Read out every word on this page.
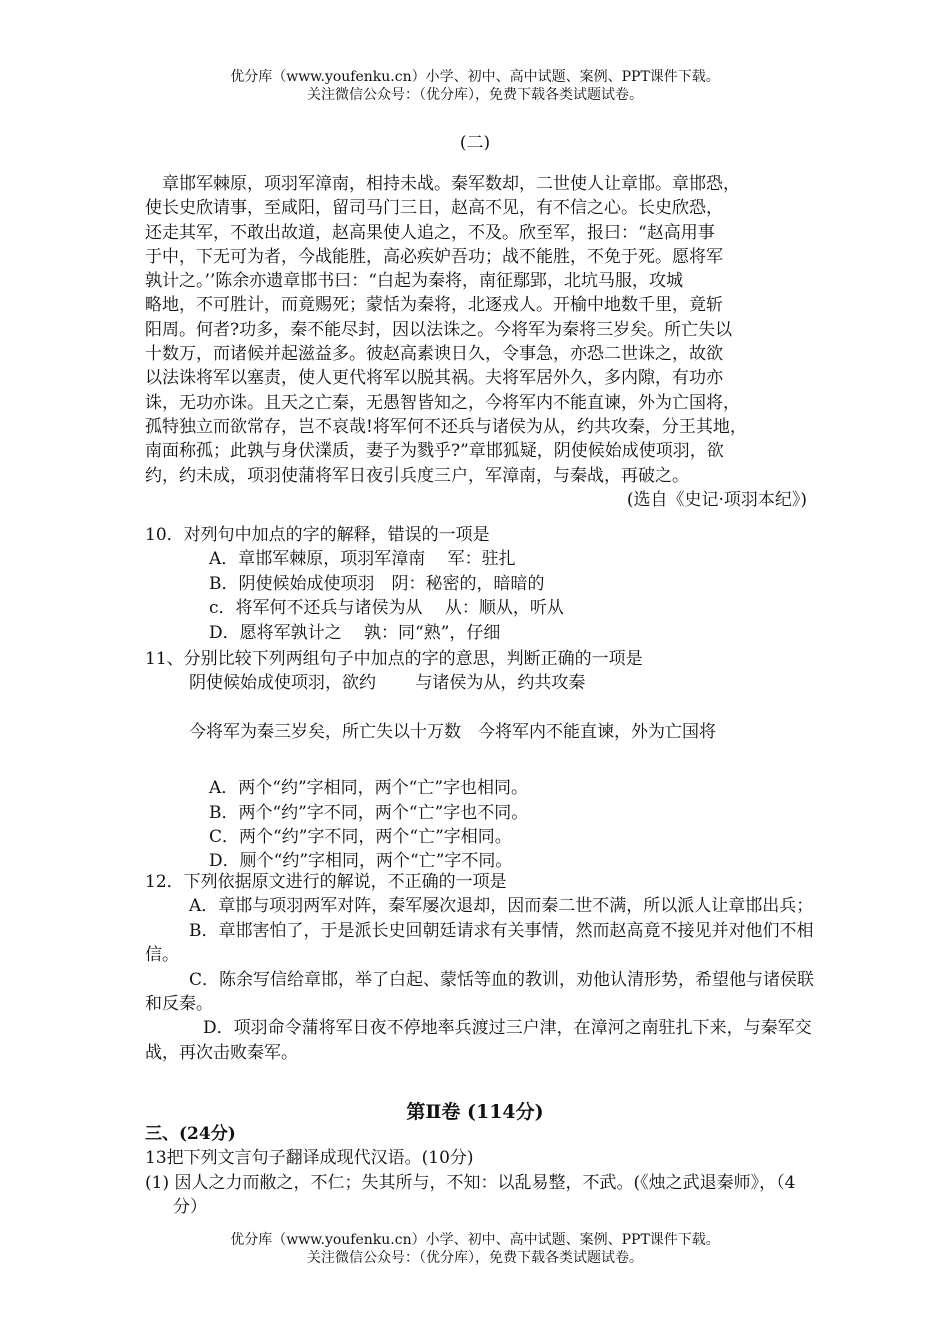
优分库（www.youfenku.cn）小学、初中、高中试题、案例、PPT课件下载。
关注微信公众号：（优分库），免费下载各类试题试卷。
(二)
　章邯军棘原，项羽军漳南，相持未战。秦军数却，二世使人让章邯。章邯恐，
使长史欣请事，至咸阳，留司马门三日，赵高不见，有不信之心。长史欣恐，
还走其军，不敢出故道，赵高果使人追之，不及。欣至军，报曰：“赵高用事
于中，下无可为者，今战能胜，高必疾妒吾功；战不能胜，不免于死。愿将军
孰计之。’’陈余亦遗章邯书曰：“白起为秦将，南征鄢郢，北坑马服，攻城
略地，不可胜计，而竟赐死；蒙恬为秦将，北逐戎人。开榆中地数千里，竟斩
阳周。何者?功多，秦不能尽封，因以法诛之。今将军为秦将三岁矣。所亡失以
十数万，而诸候并起滋益多。彼赵高素谀日久，令事急，亦恐二世诛之，故欲
以法诛将军以塞责，使人更代将军以脱其祸。夫将军居外久，多内隙，有功亦
诛，无功亦诛。且天之亡秦，无愚智皆知之，今将军内不能直谏，外为亡国将，
孤特独立而欲常存，岂不哀哉!将军何不还兵与诸侯为从，约共攻秦，分王其地，
南面称孤；此孰与身伏澲质，妻子为戮乎?”章邯狐疑，阴使候始成使项羽，欲
约，约未成，项羽使蒲将军日夜引兵度三户，军漳南，与秦战，再破之。
(选自《史记·项羽本纪》)
10．对列句中加点的字的解释，错误的一项是
A．章邯军棘原，项羽军漳南　 军：驻扎
B．阴使候始成使项羽　阴：秘密的，暗暗的
c．将军何不还兵与诸侯为从　 从：顺从，听从
D．愿将军孰计之　 孰：同“熟”，仔细
11、分别比较下列两组句子中加点的字的意思，判断正确的一项是
阴使候始成使项羽，欲约　　 与诸侯为从，约共攻秦
今将军为秦三岁矣，所亡失以十万数　今将军内不能直谏，外为亡国将
A．两个“约”字相同，两个“亡”字也相同。
B．两个“约”字不同，两个“亡”字也不同。
C．两个“约”字不同，两个“亡”字相同。
D．厕个“约”字相同，两个“亡”字不同。
12．下列依据原文进行的解说，不正确的一项是
A．章邯与项羽两军对阵，秦军屡次退却，因而秦二世不满，所以派人让章邯出兵；
B．章邯害怕了，于是派长史回朝廷请求有关事情，然而赵高竟不接见并对他们不相信。
C．陈余写信给章邯，举了白起、蒙恬等血的教训，劝他认清形势，希望他与诸侯联和反秦。
D．项羽命令蒲将军日夜不停地率兵渡过三户津，在漳河之南驻扎下来，与秦军交战，再次击败秦军。
第Ⅱ卷 (114分)
三、(24分)
13把下列文言句子翻译成现代汉语。(10分)
(1) 因人之力而敝之，不仁；失其所与，不知：以乱易整，不武。(《烛之武退秦师》，（4分）
优分库（www.youfenku.cn）小学、初中、高中试题、案例、PPT课件下载。
关注微信公众号：（优分库），免费下载各类试题试卷。
